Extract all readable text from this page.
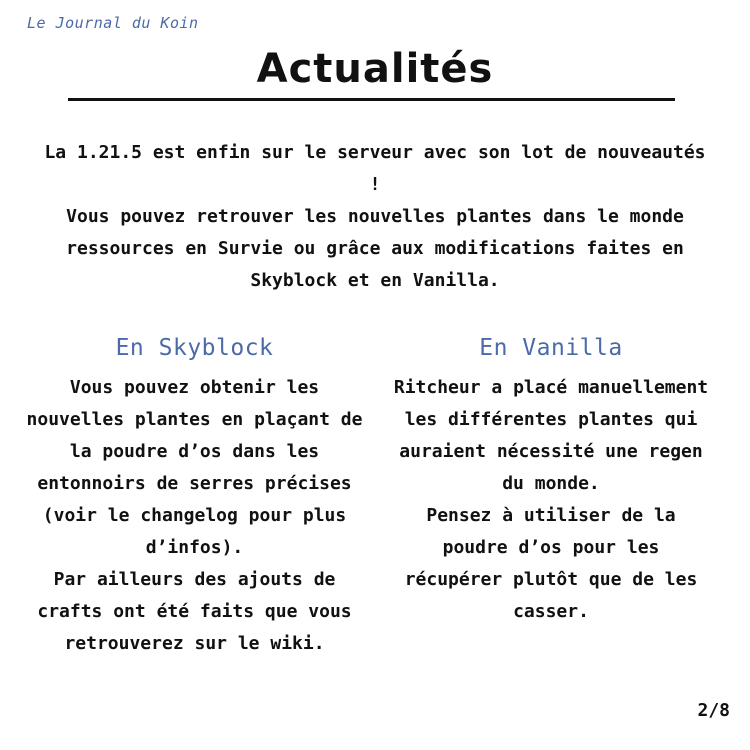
Le Journal du Koin
Actualités

La 1.21.5 est enfin sur le serveur avec son lot de nouveautés !

Vous pouvez retrouver les nouvelles plantes dans le monde ressources en Survie ou grâce aux modifications faites en Skyblock et en Vanilla.

En Skyblock

Vous pouvez obtenir les nouvelles plantes en plaçant de la poudre d’os dans les entonnoirs de serres précises (voir le changelog pour plus d’infos).

Par ailleurs des ajouts de crafts ont été faits que vous retrouverez sur le wiki.

En Vanilla

Ritcheur a placé manuellement les différentes plantes qui auraient nécessité une regen du monde.

Pensez à utiliser de la poudre d’os pour les récupérer plutôt que de les casser.

2/8
